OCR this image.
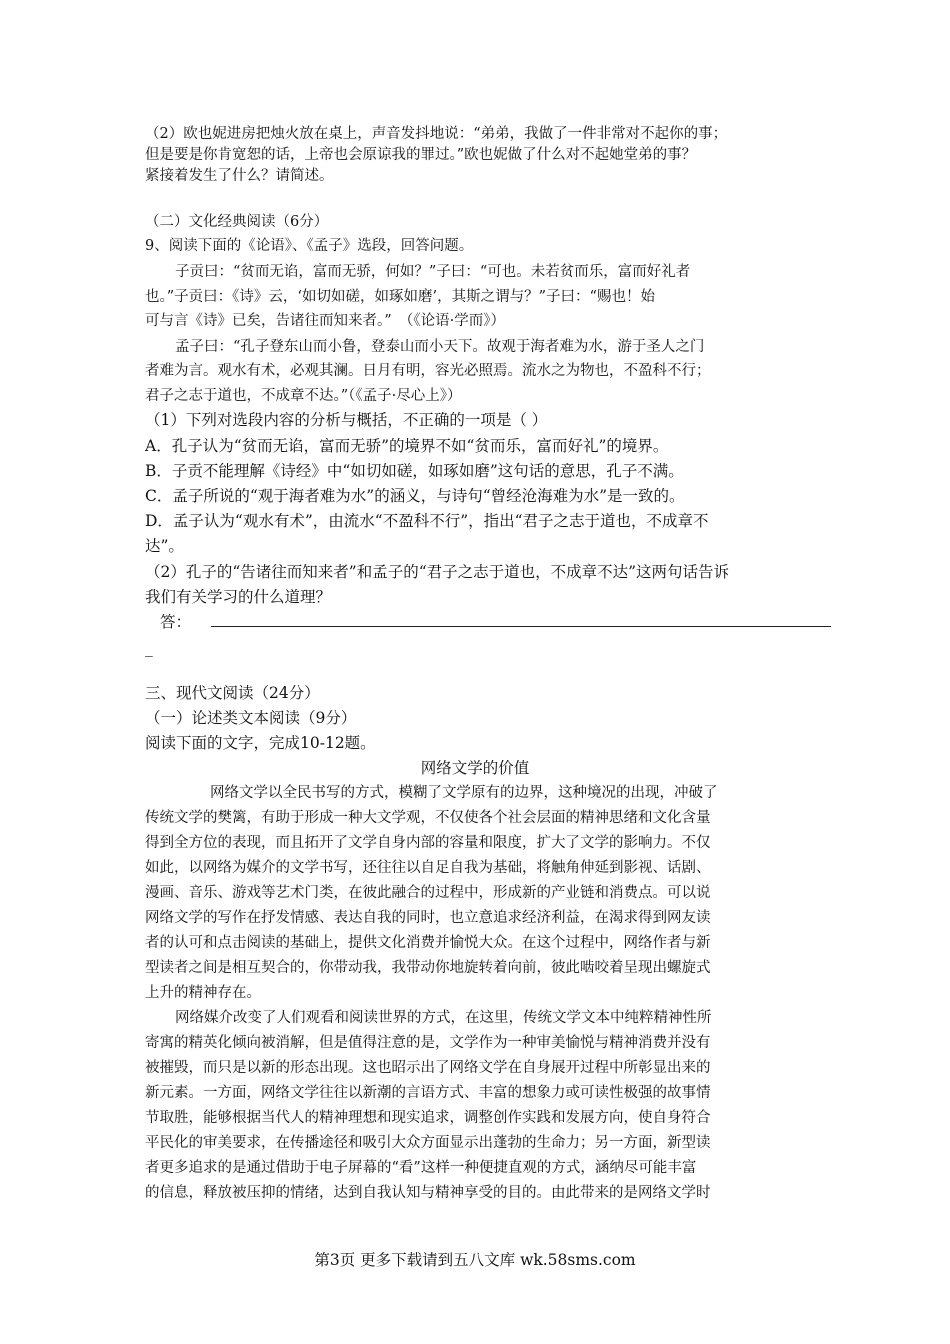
（2）欧也妮进房把烛火放在桌上，声音发抖地说：“弟弟，我做了一件非常对不起你的事；
但是要是你肯宽恕的话，上帝也会原谅我的罪过。”欧也妮做了什么对不起她堂弟的事？
紧接着发生了什么？请简述。
（二）文化经典阅读（6分）
9、阅读下面的《论语》、《孟子》选段，回答问题。
子贡曰：“贫而无谄，富而无骄，何如？”子曰：“可也。未若贫而乐，富而好礼者
也。”子贡曰：《诗》云，‘如切如磋，如琢如磨’，其斯之谓与？”子曰：“赐也！始
可与言《诗》已矣，告诸往而知来者。”　（《论语·学而》）
孟子曰：“孔子登东山而小鲁，登泰山而小天下。故观于海者难为水，游于圣人之门
者难为言。观水有术，必观其澜。日月有明，容光必照焉。流水之为物也，不盈科不行；
君子之志于道也，不成章不达。”（《孟子·尽心上》）
（1）下列对选段内容的分析与概括，不正确的一项是（ ）
A．孔子认为“贫而无谄，富而无骄”的境界不如“贫而乐，富而好礼”的境界。
B．子贡不能理解《诗经》中“如切如磋，如琢如磨”这句话的意思，孔子不满。
C．孟子所说的“观于海者难为水”的涵义，与诗句“曾经沧海难为水”是一致的。
D．孟子认为“观水有术”，由流水“不盈科不行”，指出“君子之志于道也，不成章不
达”。
（2）孔子的“告诸往而知来者”和孟子的“君子之志于道也，不成章不达”这两句话告诉
我们有关学习的什么道理？
答：
_
三、现代文阅读（24分）
（一）论述类文本阅读（9分）
阅读下面的文字，完成10-12题。
网络文学的价值
网络文学以全民书写的方式，模糊了文学原有的边界，这种境况的出现，冲破了
传统文学的樊篱，有助于形成一种大文学观，不仅使各个社会层面的精神思绪和文化含量
得到全方位的表现，而且拓开了文学自身内部的容量和限度，扩大了文学的影响力。不仅
如此，以网络为媒介的文学书写，还往往以自足自我为基础，将触角伸延到影视、话剧、
漫画、音乐、游戏等艺术门类，在彼此融合的过程中，形成新的产业链和消费点。可以说
网络文学的写作在抒发情感、表达自我的同时，也立意追求经济利益，在渴求得到网友读
者的认可和点击阅读的基础上，提供文化消费并愉悦大众。在这个过程中，网络作者与新
型读者之间是相互契合的，你带动我，我带动你地旋转着向前，彼此啮咬着呈现出螺旋式
上升的精神存在。
网络媒介改变了人们观看和阅读世界的方式，在这里，传统文学文本中纯粹精神性所
寄寓的精英化倾向被消解，但是值得注意的是，文学作为一种审美愉悦与精神消费并没有
被摧毁，而只是以新的形态出现。这也昭示出了网络文学在自身展开过程中所彰显出来的
新元素。一方面，网络文学往往以新潮的言语方式、丰富的想象力或可读性极强的故事情
节取胜，能够根据当代人的精神理想和现实追求，调整创作实践和发展方向，使自身符合
平民化的审美要求，在传播途径和吸引大众方面显示出蓬勃的生命力；另一方面，新型读
者更多追求的是通过借助于电子屏幕的“看”这样一种便捷直观的方式，涵纳尽可能丰富
的信息，释放被压抑的情绪，达到自我认知与精神享受的目的。由此带来的是网络文学时
第3页 更多下载请到五八文库 wk.58sms.com
